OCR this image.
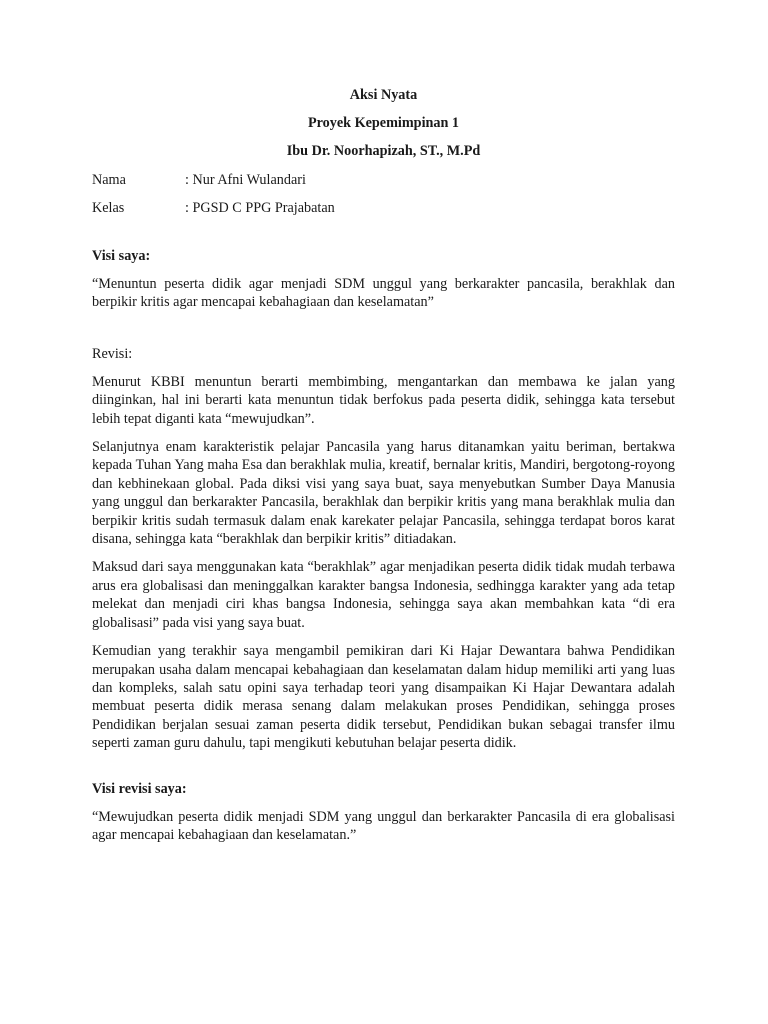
Aksi Nyata
Proyek Kepemimpinan 1
Ibu Dr. Noorhapizah, ST., M.Pd
Nama	: Nur Afni Wulandari
Kelas	: PGSD C PPG Prajabatan
Visi saya:

“Menuntun peserta didik agar menjadi SDM unggul yang berkarakter pancasila, berakhlak dan berpikir kritis agar mencapai kebahagiaan dan keselamatan”

Revisi:

Menurut KBBI menuntun berarti membimbing, mengantarkan dan membawa ke jalan yang diinginkan, hal ini berarti kata menuntun tidak berfokus pada peserta didik, sehingga kata tersebut lebih tepat diganti kata “mewujudkan”.

Selanjutnya enam karakteristik pelajar Pancasila yang harus ditanamkan yaitu beriman, bertakwa kepada Tuhan Yang maha Esa dan berakhlak mulia, kreatif, bernalar kritis, Mandiri, bergotong-royong dan kebhinekaan global. Pada diksi visi yang saya buat, saya menyebutkan Sumber Daya Manusia yang unggul dan berkarakter Pancasila, berakhlak dan berpikir kritis yang mana berakhlak mulia dan berpikir kritis sudah termasuk dalam enak karekater pelajar Pancasila, sehingga terdapat boros karat disana, sehingga kata “berakhlak dan berpikir kritis” ditiadakan.

Maksud dari saya menggunakan kata “berakhlak” agar menjadikan peserta didik tidak mudah terbawa arus era globalisasi dan meninggalkan karakter bangsa Indonesia, sedhingga karakter yang ada tetap melekat dan menjadi ciri khas bangsa Indonesia, sehingga saya akan membahkan kata “di era globalisasi” pada visi yang saya buat.

Kemudian yang terakhir saya mengambil pemikiran dari Ki Hajar Dewantara bahwa Pendidikan merupakan usaha dalam mencapai kebahagiaan dan keselamatan dalam hidup memiliki arti yang luas dan kompleks, salah satu opini saya terhadap teori yang disampaikan Ki Hajar Dewantara adalah membuat peserta didik merasa senang dalam melakukan proses Pendidikan, sehingga proses Pendidikan berjalan sesuai zaman peserta didik tersebut, Pendidikan bukan sebagai transfer ilmu seperti zaman guru dahulu, tapi mengikuti kebutuhan belajar peserta didik.

Visi revisi saya:

“Mewujudkan peserta didik menjadi SDM yang unggul dan berkarakter Pancasila di era globalisasi agar mencapai kebahagiaan dan keselamatan.”
